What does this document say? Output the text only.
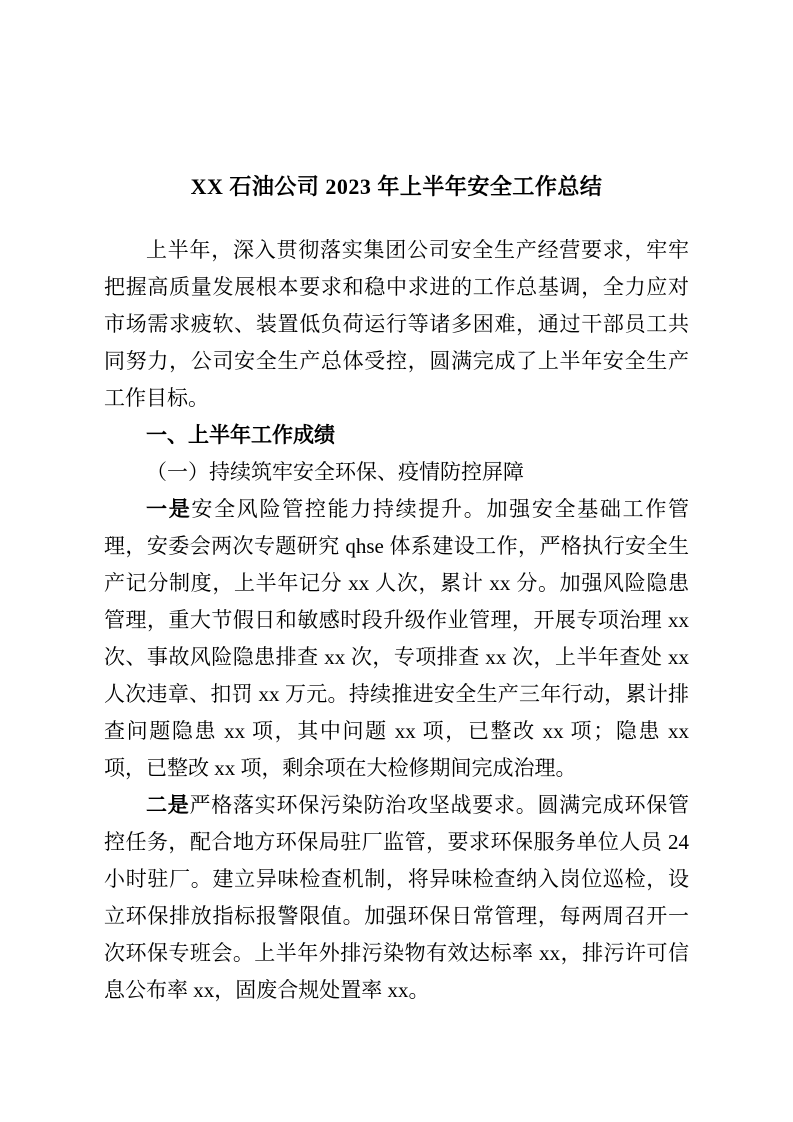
XX 石油公司 2023 年上半年安全工作总结

上半年，深入贯彻落实集团公司安全生产经营要求，牢牢把握高质量发展根本要求和稳中求进的工作总基调，全力应对市场需求疲软、装置低负荷运行等诸多困难，通过干部员工共同努力，公司安全生产总体受控，圆满完成了上半年安全生产工作目标。

一、上半年工作成绩
（一）持续筑牢安全环保、疫情防控屏障

一是安全风险管控能力持续提升。加强安全基础工作管理，安委会两次专题研究 qhse 体系建设工作，严格执行安全生产记分制度，上半年记分 xx 人次，累计 xx 分。加强风险隐患管理，重大节假日和敏感时段升级作业管理，开展专项治理 xx 次、事故风险隐患排查 xx 次，专项排查 xx 次，上半年查处 xx 人次违章、扣罚 xx 万元。持续推进安全生产三年行动，累计排查问题隐患 xx 项，其中问题 xx 项，已整改 xx 项；隐患 xx 项，已整改 xx 项，剩余项在大检修期间完成治理。

二是严格落实环保污染防治攻坚战要求。圆满完成环保管控任务，配合地方环保局驻厂监管，要求环保服务单位人员 24 小时驻厂。建立异味检查机制，将异味检查纳入岗位巡检，设立环保排放指标报警限值。加强环保日常管理，每两周召开一次环保专班会。上半年外排污染物有效达标率 xx，排污许可信息公布率 xx，固废合规处置率 xx。
